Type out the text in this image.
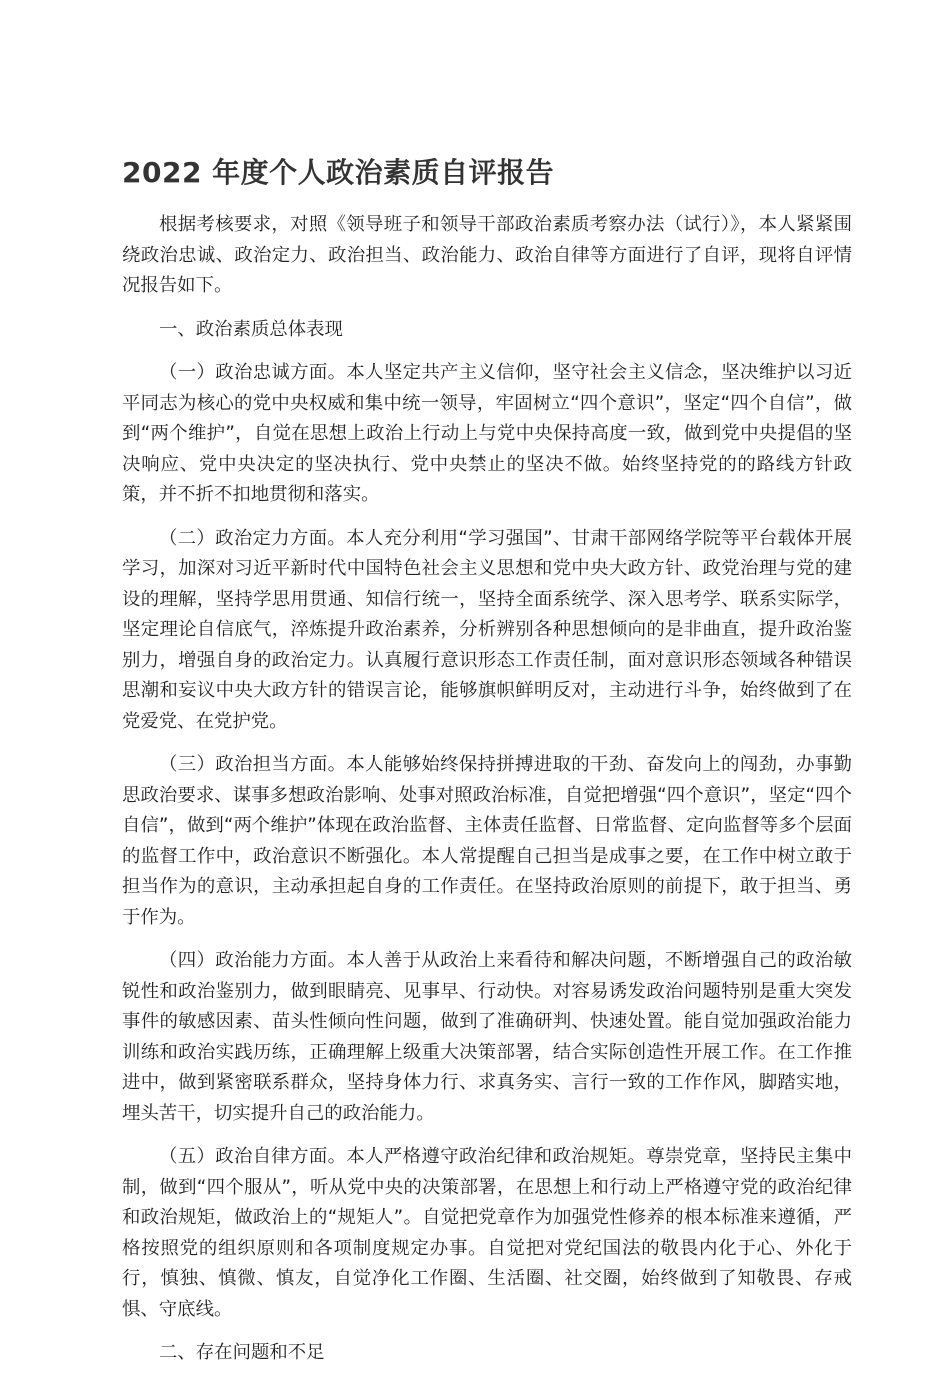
2022 年度个人政治素质自评报告

根据考核要求，对照《领导班子和领导干部政治素质考察办法（试行）》，本人紧紧围绕政治忠诚、政治定力、政治担当、政治能力、政治自律等方面进行了自评，现将自评情况报告如下。

一、政治素质总体表现

（一）政治忠诚方面。本人坚定共产主义信仰，坚守社会主义信念，坚决维护以习近平同志为核心的党中央权威和集中统一领导，牢固树立“四个意识”，坚定“四个自信”，做到“两个维护”，自觉在思想上政治上行动上与党中央保持高度一致，做到党中央提倡的坚决响应、党中央决定的坚决执行、党中央禁止的坚决不做。始终坚持党的的路线方针政策，并不折不扣地贯彻和落实。

（二）政治定力方面。本人充分利用“学习强国”、甘肃干部网络学院等平台载体开展学习，加深对习近平新时代中国特色社会主义思想和党中央大政方针、政党治理与党的建设的理解，坚持学思用贯通、知信行统一，坚持全面系统学、深入思考学、联系实际学，坚定理论自信底气，淬炼提升政治素养，分析辨别各种思想倾向的是非曲直，提升政治鉴别力，增强自身的政治定力。认真履行意识形态工作责任制，面对意识形态领域各种错误思潮和妄议中央大政方针的错误言论，能够旗帜鲜明反对，主动进行斗争，始终做到了在党爱党、在党护党。

（三）政治担当方面。本人能够始终保持拼搏进取的干劲、奋发向上的闯劲，办事勤思政治要求、谋事多想政治影响、处事对照政治标准，自觉把增强“四个意识”，坚定“四个自信”，做到“两个维护”体现在政治监督、主体责任监督、日常监督、定向监督等多个层面的监督工作中，政治意识不断强化。本人常提醒自己担当是成事之要，在工作中树立敢于担当作为的意识，主动承担起自身的工作责任。在坚持政治原则的前提下，敢于担当、勇于作为。

（四）政治能力方面。本人善于从政治上来看待和解决问题，不断增强自己的政治敏锐性和政治鉴别力，做到眼睛亮、见事早、行动快。对容易诱发政治问题特别是重大突发事件的敏感因素、苗头性倾向性问题，做到了准确研判、快速处置。能自觉加强政治能力训练和政治实践历练，正确理解上级重大决策部署，结合实际创造性开展工作。在工作推进中，做到紧密联系群众，坚持身体力行、求真务实、言行一致的工作作风，脚踏实地，埋头苦干，切实提升自己的政治能力。

（五）政治自律方面。本人严格遵守政治纪律和政治规矩。尊崇党章，坚持民主集中制，做到“四个服从”，听从党中央的决策部署，在思想上和行动上严格遵守党的政治纪律和政治规矩，做政治上的“规矩人”。自觉把党章作为加强党性修养的根本标准来遵循，严格按照党的组织原则和各项制度规定办事。自觉把对党纪国法的敬畏内化于心、外化于行，慎独、慎微、慎友，自觉净化工作圈、生活圈、社交圈，始终做到了知敬畏、存戒惧、守底线。

二、存在问题和不足
